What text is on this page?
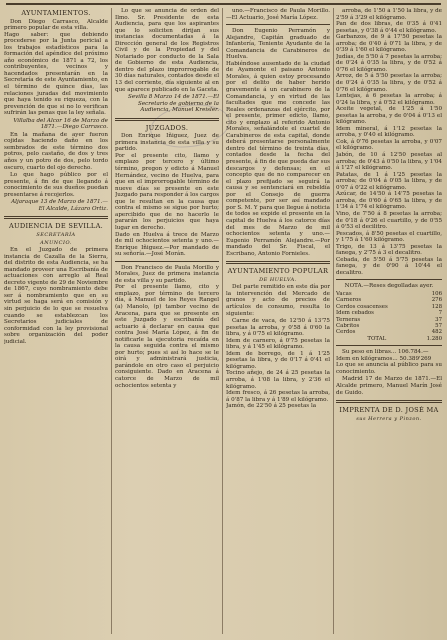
AYUNTAMIENTOS.

Don Diego Carrasco, Alcalde primero popular de esta villa.
Hago saber: que debiendo procederse por la Junta pericial a los trabajos estadísticos para la formación del apéndice del próximo año económico de 1871 a 72, los contribuyentes, vecinos y hacendados presentarán en la Secretaría de este Ayuntamiento, en el término de quince días, las relaciones juradas del movimiento que haya tenido su riqueza, con la prevención de que si no lo verifican sufrirán las penas que la ley señala.

Villalba del Alcor 16 de Marzo de 1871.—Diego Carrasco.

En la mañana de ayer fueron cojidas haciendo daño en los sembrados de este término dos potros, pelo castaño, de dos y tres años y un potro de dos, pelo tordo oscuro, cuarto del ojo derecho.

Lo que hago público por el presente, á fin de que llegando á conocimiento de sus dueños puedan presentarse á recojerlos.

Aljaraque 13 de Marzo de 1871.—El Alcalde, Lázaro Ortiz.

AUDIENCIA DE SEVILLA.
SECRETARÍA
ANUNCIO.

En el Juzgado de primera instancia de Cazalla de la Sierra, del distrito de esta Audiencia, se ha mandado proveer una Escribanía de actuaciones con arreglo al Real decreto vigente de 29 de Noviembre de 1867, cuyo nombramiento debe ser á nombramiento que en su virtud se haga será en comisión y sin perjuicio de lo que se resuelva cuando se establezcan los Secretarios judiciales de conformidad con la ley provisional sobre organización del poder judicial.

Lo que se anuncia de orden del Ilmo. Sr. Presidente de esta Audiencia, para que los aspirantes que lo soliciten dirijan sus instancias documentadas á la Dirección general de los Registros Civil y de la Propiedad y del Notariado por conducto de la Sala de Gobierno de esta Audiencia, dentro del plazo improrrogable de 30 días naturales, contados desde el 13 del corriente, día siguiente al en que aparece publicado en la Gaceta.

Sevilla 8 Marzo 14 de 1871.—El Secretario de gobierno de la Audiencia, Manuel Kreisler.

JUZGADOS.

Don Enrique Iñiguez, Juez de primera instancia de esta villa y su partido.
Por el presente cito, llamo y emplazo por tercero y último término, pregon y edicto á Manuel Hernández, vecino de Huelva, para que en el improrrogable término de nueve días se presente en este Juzgado para responder á los cargos que le resultan en la causa que contra el mismo se sigue por hurto; apercibido que de no hacerlo le pararán los perjuicios que haya lugar en derecho.
Dado en Huelva á trece de Marzo de mil ochocientos setenta y uno.—Enrique Iñiguez.—Por mandado de su señoría.—José Morán.

Don Francisco de Paula Morillo y Morales, Juez de primera instancia de esta villa y su partido.
Por el presente llamo, cito y emplazo, por término de tercero día, á Manuel de los Reyes Rangel (a) Manolo, (p) tambor vecino de Aracena, para que se presente en este Juzgado y escribanía del actuario á declarar en causa que contra José María López, á fin de notificarle la ejecutoria recaída en la causa seguida contra el mismo por hurto; pues si así lo hace se le oirá y administrará justicia, parándole en otro caso el perjuicio consiguiente. Dado en Aracena á catorce de Marzo de mil ochocientos setenta y

uno.—Francisco de Paula Morillo.—El Actuario, José María López.

Don Eugenio Perramón y Alejandre, Capitán graduado de Infantería, Teniente Ayudante de la Comandancia de Carabineros de Huelva.
Habiéndose ausentado de la ciudad de Ayamonte el paisano Antonio Morales, á quien estoy procesando por el delito de haber herido gravemente á un carabinero de la Comandancia, y en virtud de las facultades que me concede las Reales ordenanzas del ejército, por el presente, primer edicto, llamo, cito y emplazo al referido Antonio Morales, señalándole el cuartel de Carabineros de esta capital, donde deberá presentarse personalmente dentro del término de treinta días, contados desde la fecha del presente, á fin de que pueda dar sus descargos y defensas; en el concepto que de no comparecer en el plazo prefijado se seguirá la causa y se sentenciará en rebeldía por el Consejo de guerra competente, por ser así mandado por S. M. Y para que llegue á noticia de todos se expide el presente en la capital de Huelva á los catorce días del mes de Marzo de mil ochocientos setenta y uno.—Eugenio Perramón Alejandre.—Por mandado del Sr. Fiscal, el Escribano, Antonio Fornieles.

AYUNTAMIENTO POPULAR
DE HUELVA.

Del parte remitido en este día por la intervención del Mercado de granos y acto de precios de artículos de consumo, resulta lo siguiente:

Carne de vaca, de 12'50 á 13'75 pesetas la arroba, y 0'58 á 0'60 la libra, y á 0'75 el kilógramo.
Idem de carnero, á 0'75 pesetas la libra, y á 1'45 el kilógramo.
Idem de borrego, de 1 á 1'25 pesetas la libra, y de 0'17 á 0'41 el kilógramo.
Tocino añejo, de 24 á 25 pesetas la arroba, á 1'08 la libra, y 2'36 el kilógramo.
Idem fresco, á 26 pesetas la arroba, á 0'87 la libra y á 1'89 el kilógramo.
Jamón, de 22'50 á 25 pesetas la

arroba, de 1'50 á 1'50 la libra, y de 2'59 á 3'29 el kilógramo.
Pan de dos libras, de 0'35 á 0'41 pesetas, y 0'38 á 0'44 el kilógramo.
Garbanzos, de 9 á 17'50 pesetas la arroba; de 0'40 á 0'71 la libra, y de 0'39 á 1'60 el kilógramo.
Judías, de 5'50 á 7 pesetas la arroba; de 0'24 á 0'35 la libra, y de 0'52 á 0'76 el kilógramo.
Arroz, de 5 á 5'50 pesetas la arroba; de 0'24 á 0'35 la libra, y de 0'52 á 0'76 el kilógramo.
Lentejas, á 6 pesetas la arroba; á 0'24 la libra, y á 0'52 el kilógramo.
Aceite vegetal, de 1'25 á 1'50 pesetas la arroba, y de 0'04 á 0'13 el kilógramo.
Idem mineral, á 1'12 pesetas la arroba, y 0'40 el kilógramo.
Cok, á 0'76 pesetas la arroba, y 0'07 el kilógramo.
Jabón, de 10 á 12'50 pesetas al arroba; de 0'43 á 0'50 la libra, y 1'04 á 1'27 el kilógramo.
Patatas, de 1 á 1'25 pesetas la arroba; de 0'04 á 0'05 la libra, y de 0'07 á 0'22 el kilógramo.
Azúcar, de 14'50 á 14'75 pesetas la arroba, de 0'60 á 0'65 la libra, y de 1'34 á 1'74 el kilógramo.
Vino, de 7'50 á 8 pesetas la arroba; de 0'18 á 0'26 el cuartillo, y de 0'55 á 0'53 el decilitro.
Pescados, á 8'50 pesetas el cuartillo, y 1'75 á 1'60 kilógramo.
Trigo, de 13 á 13'75 pesetas la fanega, y 2'75 á 3 el decalitro.
Cebada, de 5'50 á 5'75 pesetas la fanega, y de 0'90 á 10'44 el decalitro.

NOTA.—Reses degolladas ayer.

Vacas	106
Carneros	276
Cerdos cosacenses	128
Idem cebados	7
Terneras	37
Cabritos	57
Cerdos	482
TOTAL	1.280

Su peso en libras... 106.784.—
Idem en kilógramos... 50.389'269
Lo que se anuncia al público para su conocimiento.

Madrid 17 de Marzo de 1871.—El Alcalde primero, Manuel Marín José de Guido.

IMPRENTA DE D. JOSÉ MA
sus Herrera y Pinzon.
